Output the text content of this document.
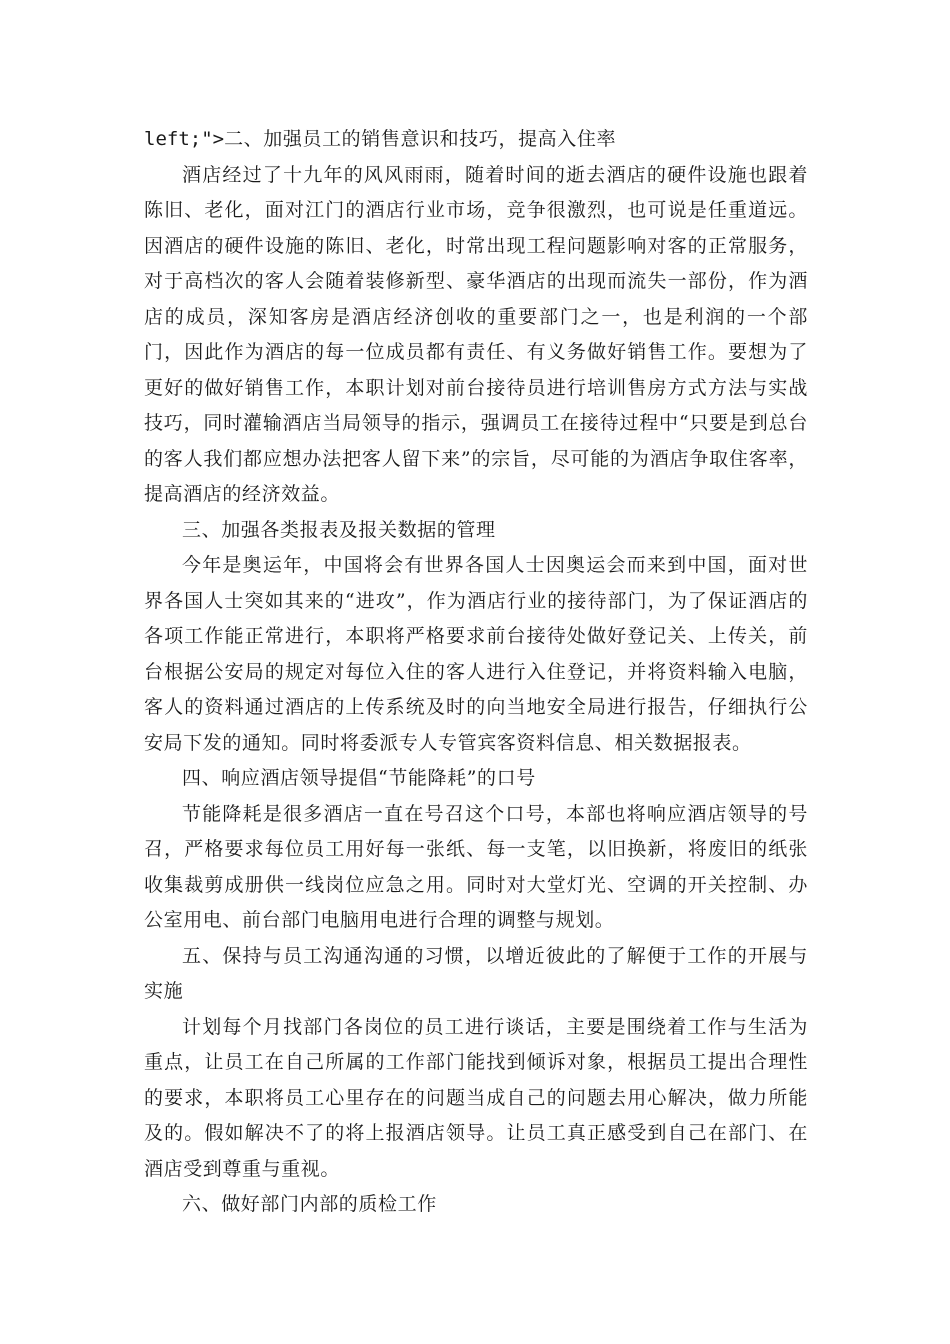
left;">二、加强员工的销售意识和技巧，提高入住率

酒店经过了十九年的风风雨雨，随着时间的逝去酒店的硬件设施也跟着陈旧、老化，面对江门的酒店行业市场，竞争很激烈，也可说是任重道远。因酒店的硬件设施的陈旧、老化，时常出现工程问题影响对客的正常服务，对于高档次的客人会随着装修新型、豪华酒店的出现而流失一部份，作为酒店的成员，深知客房是酒店经济创收的重要部门之一，也是利润的一个部门，因此作为酒店的每一位成员都有责任、有义务做好销售工作。要想为了更好的做好销售工作，本职计划对前台接待员进行培训售房方式方法与实战技巧，同时灌输酒店当局领导的指示，强调员工在接待过程中“只要是到总台的客人我们都应想办法把客人留下来”的宗旨，尽可能的为酒店争取住客率，提高酒店的经济效益。

三、加强各类报表及报关数据的管理

今年是奥运年，中国将会有世界各国人士因奥运会而来到中国，面对世界各国人士突如其来的“进攻”，作为酒店行业的接待部门，为了保证酒店的各项工作能正常进行，本职将严格要求前台接待处做好登记关、上传关，前台根据公安局的规定对每位入住的客人进行入住登记，并将资料输入电脑，客人的资料通过酒店的上传系统及时的向当地安全局进行报告，仔细执行公安局下发的通知。同时将委派专人专管宾客资料信息、相关数据报表。

四、响应酒店领导提倡“节能降耗”的口号

节能降耗是很多酒店一直在号召这个口号，本部也将响应酒店领导的号召，严格要求每位员工用好每一张纸、每一支笔，以旧换新，将废旧的纸张收集裁剪成册供一线岗位应急之用。同时对大堂灯光、空调的开关控制、办公室用电、前台部门电脑用电进行合理的调整与规划。

五、保持与员工沟通沟通的习惯，以增近彼此的了解便于工作的开展与实施

计划每个月找部门各岗位的员工进行谈话，主要是围绕着工作与生活为重点，让员工在自己所属的工作部门能找到倾诉对象，根据员工提出合理性的要求，本职将员工心里存在的问题当成自己的问题去用心解决，做力所能及的。假如解决不了的将上报酒店领导。让员工真正感受到自己在部门、在酒店受到尊重与重视。

六、做好部门内部的质检工作
